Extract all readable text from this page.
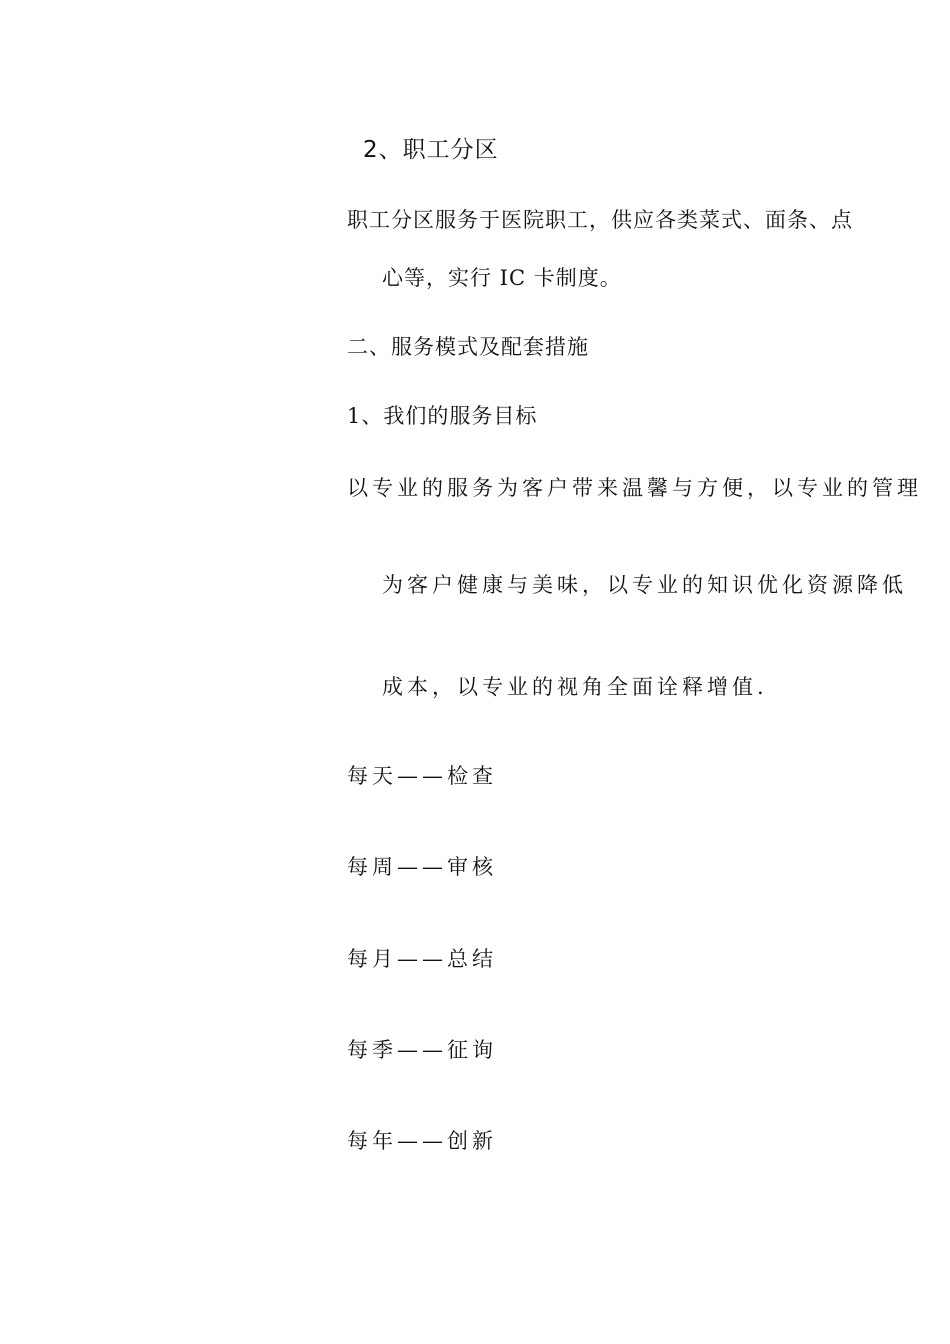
2、职工分区
职工分区服务于医院职工，供应各类菜式、面条、点
心等，实行 IC 卡制度。
二、服务模式及配套措施
1、我们的服务目标
以专业的服务为客户带来温馨与方便，以专业的管理
为客户健康与美味，以专业的知识优化资源降低
成本，以专业的视角全面诠释增值.
每天——检查
每周——审核
每月——总结
每季——征询
每年——创新
